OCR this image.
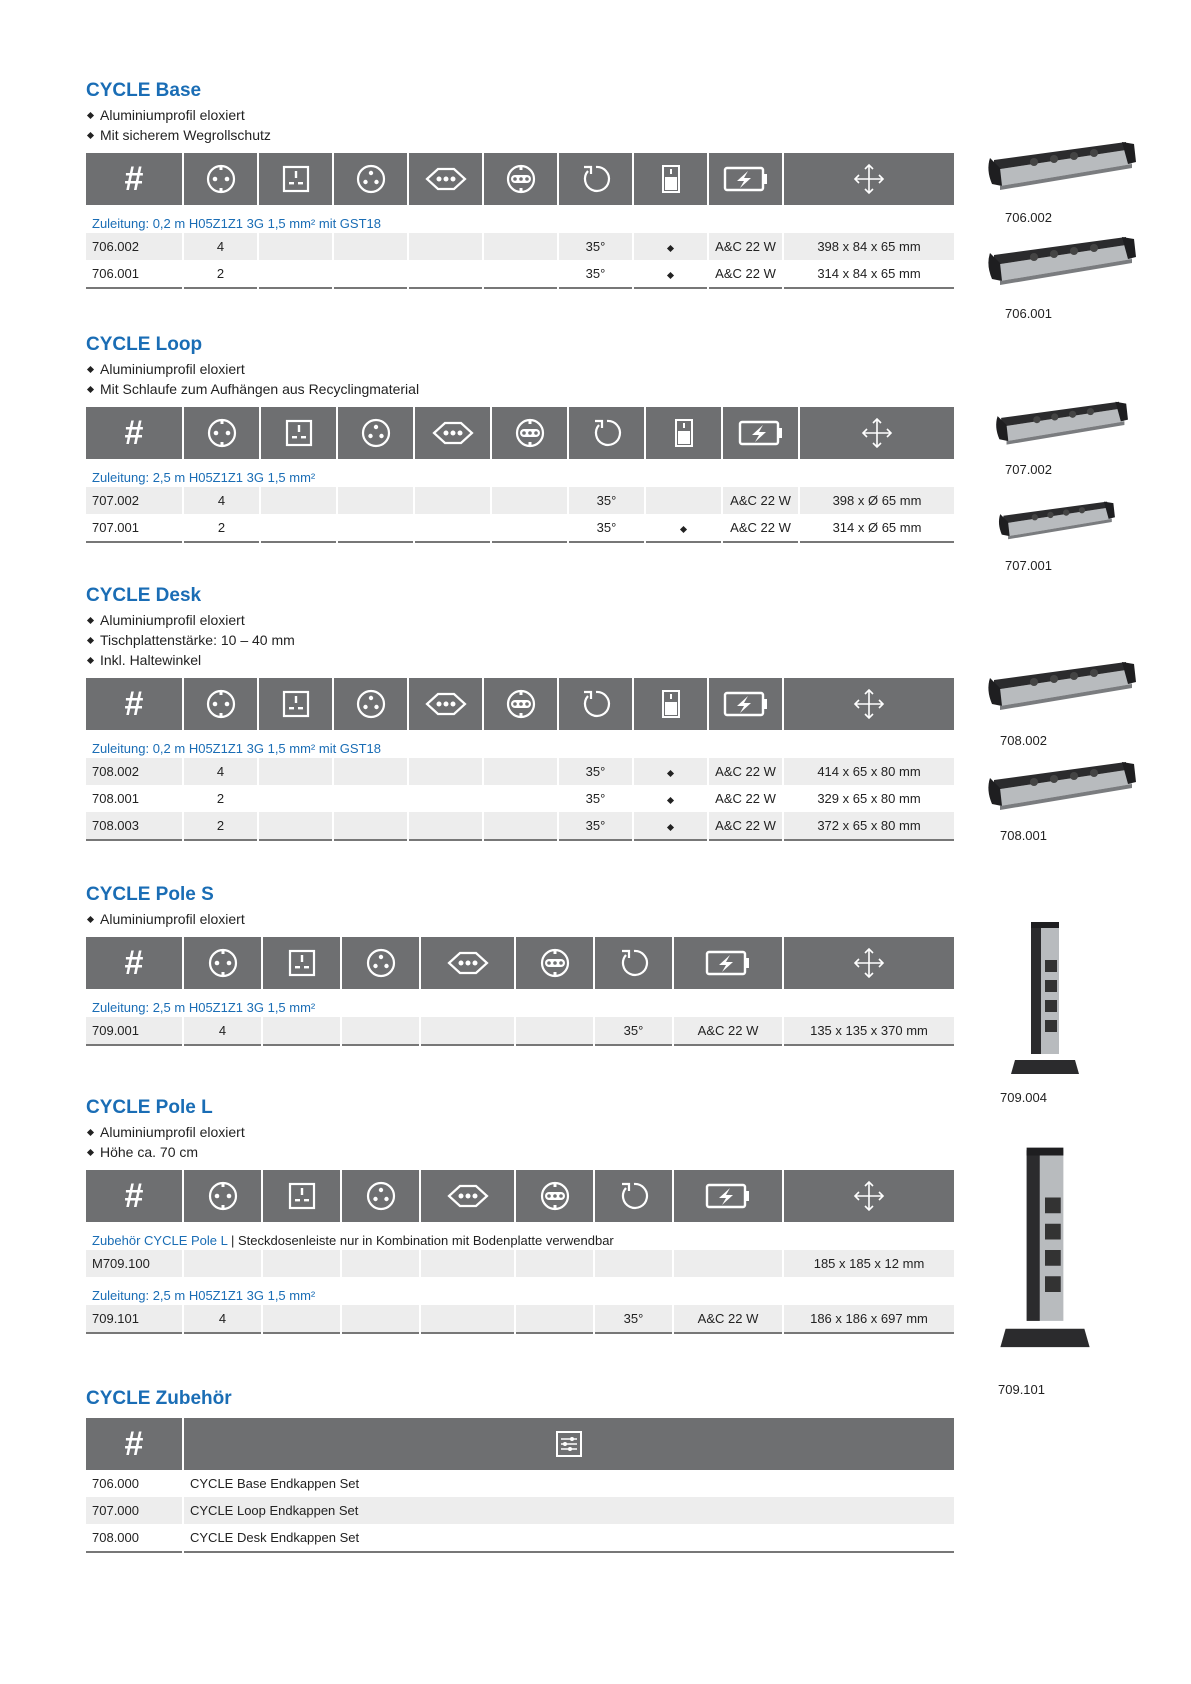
CYCLE Base
Aluminiumprofil eloxiert
Mit sicherem Wegrollschutz
#	

Zuleitung: 0,2 m H05Z1Z1 3G 1,5 mm² mit GST18									
706.002	4					35°		A&C 22 W	398 x 84 x 65 mm
706.001	2					35°		A&C 22 W	314 x 84 x 65 mm
CYCLE Loop
Aluminiumprofil eloxiert
Mit Schlaufe zum Aufhängen aus Recyclingmaterial
#	

Zuleitung: 2,5 m H05Z1Z1 3G 1,5 mm²									
707.002	4					35°		A&C 22 W	398 x Ø 65 mm
707.001	2					35°		A&C 22 W	314 x Ø 65 mm
CYCLE Desk
Aluminiumprofil eloxiert
Tischplattenstärke: 10 – 40 mm
Inkl. Haltewinkel
#	

Zuleitung: 0,2 m H05Z1Z1 3G 1,5 mm² mit GST18									
708.002	4					35°		A&C 22 W	414 x 65 x 80 mm
708.001	2					35°		A&C 22 W	329 x 65 x 80 mm
708.003	2					35°		A&C 22 W	372 x 65 x 80 mm
CYCLE Pole S
Aluminiumprofil eloxiert
#	

Zuleitung: 2,5 m H05Z1Z1 3G 1,5 mm²								
709.001	4					35°	A&C 22 W	135 x 135 x 370 mm
CYCLE Pole L
Aluminiumprofil eloxiert
Höhe ca. 70 cm
#	

Zubehör CYCLE Pole L | Steckdosenleiste nur in Kombination mit Bodenplatte verwendbar								
M709.100								185 x 185 x 12 mm
Zuleitung: 2,5 m H05Z1Z1 3G 1,5 mm²								
709.101	4					35°	A&C 22 W	186 x 186 x 697 mm
CYCLE Zubehör
#	

706.000	CYCLE Base Endkappen Set
707.000	CYCLE Loop Endkappen Set
708.000	CYCLE Desk Endkappen Set
706.002
706.001
707.002
707.001
708.002
708.001
709.004
709.101
